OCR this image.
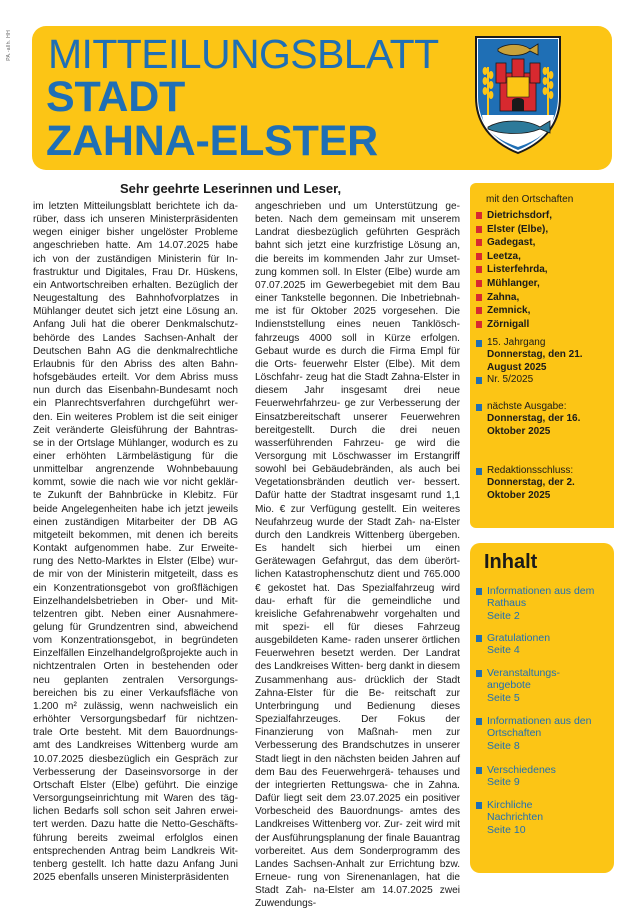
PA.-allh. HH MITTEILUNGSBLATT
STADT
ZAHNA-ELSTER
Sehr geehrte Leserinnen und Leser,
im letzten Mitteilungsblatt berichtete ich da- rüber, dass ich unseren Ministerpräsidenten wegen einiger bisher ungelöster Probleme angeschrieben hatte. Am 14.07.2025 habe ich von der zuständigen Ministerin für In- frastruktur und Digitales, Frau Dr. Hüskens, ein Antwortschreiben erhalten. Bezüglich der Neugestaltung des Bahnhofvorplatzes in Mühlanger deutet sich jetzt eine Lösung an. Anfang Juli hat die oberer Denkmalschutz- behörde des Landes Sachsen-Anhalt der Deutschen Bahn AG die denkmalrechtliche Erlaubnis für den Abriss des alten Bahn- hofsgebäudes erteilt. Vor dem Abriss muss nun durch das Eisenbahn-Bundesamt noch ein Planrechtsverfahren durchgeführt wer- den. Ein weiteres Problem ist die seit einiger Zeit veränderte Gleisführung der Bahntras- se in der Ortslage Mühlanger, wodurch es zu einer erhöhten Lärmbelästigung für die unmittelbar angrenzende Wohnbebauung kommt, sowie die nach wie vor nicht geklär- te Zukunft der Bahnbrücke in Klebitz. Für beide Angelegenheiten habe ich jetzt jeweils einen zuständigen Mitarbeiter der DB AG mitgeteilt bekommen, mit denen ich bereits Kontakt aufgenommen habe. Zur Erweite- rung des Netto-Marktes in Elster (Elbe) wur- de mir von der Ministerin mitgeteilt, dass es ein Konzentrationsgebot von großflächigen Einzelhandelsbetrieben in Ober- und Mit- telzentren gibt. Neben einer Ausnahmere- gelung für Grundzentren sind, abweichend vom Konzentrationsgebot, in begründeten Einzelfällen Einzelhandelgroßprojekte auch in nichtzentralen Orten in bestehenden oder neu geplanten zentralen Versorgungs- bereichen bis zu einer Verkaufsfläche von 1.200 m² zulässig, wenn nachweislich ein erhöhter Versorgungsbedarf für nichtzen- trale Orte besteht. Mit dem Bauordnungs- amt des Landkreises Wittenberg wurde am 10.07.2025 diesbezüglich ein Gespräch zur Verbesserung der Daseinsvorsorge in der Ortschaft Elster (Elbe) geführt. Die einzige Versorgungseinrichtung mit Waren des täg- lichen Bedarfs soll schon seit Jahren erwei- tert werden. Dazu hatte die Netto-Geschäfts- führung bereits zweimal erfolglos einen entsprechenden Antrag beim Landkreis Wit- tenberg gestellt. Ich hatte dazu Anfang Juni 2025 ebenfalls unseren Ministerpräsidenten
angeschrieben und um Unterstützung ge- beten. Nach dem gemeinsam mit unserem Landrat diesbezüglich geführten Gespräch bahnt sich jetzt eine kurzfristige Lösung an, die bereits im kommenden Jahr zur Umset- zung kommen soll. In Elster (Elbe) wurde am 07.07.2025 im Gewerbegebiet mit dem Bau einer Tankstelle begonnen. Die Inbetriebnah- me ist für Oktober 2025 vorgesehen. Die Indienststellung eines neuen Tanklösch- fahrzeugs 4000 soll in Kürze erfolgen. Gebaut wurde es durch die Firma Empl für die Orts- feuerwehr Elster (Elbe). Mit dem Löschfahr- zeug hat die Stadt Zahna-Elster in diesem Jahr insgesamt drei neue Feuerwehrfahrzeu- ge zur Verbesserung der Einsatzbereitschaft unserer Feuerwehren bereitgestellt. Durch die drei neuen wasserführenden Fahrzeu- ge wird die Versorgung mit Löschwasser im Erstangriff sowohl bei Gebäudebränden, als auch bei Vegetationsbränden deutlich ver- bessert. Dafür hatte der Stadtrat insgesamt rund 1,1 Mio. € zur Verfügung gestellt. Ein weiteres Neufahrzeug wurde der Stadt Zah- na-Elster durch den Landkreis Wittenberg übergeben. Es handelt sich hierbei um einen Gerätewagen Gefahrgut, das dem überört- lichen Katastrophenschutz dient und 765.000 € gekostet hat. Das Spezialfahrzeug wird dau- erhaft für die gemeindliche und kreisliche Gefahrenabwehr vorgehalten und mit spezi- ell für dieses Fahrzeug ausgebildeten Kame- raden unserer örtlichen Feuerwehren besetzt werden. Der Landrat des Landkreises Witten- berg dankt in diesem Zusammenhang aus- drücklich der Stadt Zahna-Elster für die Be- reitschaft zur Unterbringung und Bedienung dieses Spezialfahrzeuges. Der Fokus der Finanzierung von Maßnah- men zur Verbesserung des Brandschutzes in unserer Stadt liegt in den nächsten beiden Jahren auf dem Bau des Feuerwehrgerä- tehauses und der integrierten Rettungswa- che in Zahna. Dafür liegt seit dem 23.07.2025 ein positiver Vorbescheid des Bauordnungs- amtes des Landkreises Wittenberg vor. Zur- zeit wird mit der Ausführungsplanung der finale Bauantrag vorbereitet. Aus dem Sonderprogramm des Landes Sachsen-Anhalt zur Errichtung bzw. Erneue- rung von Sirenenanlagen, hat die Stadt Zah- na-Elster am 14.07.2025 zwei Zuwendungs-
mit den Ortschaften
Dietrichsdorf,
Elster (Elbe),
Gadegast,
Leetza,
Listerfehrda,
Mühlanger,
Zahna,
Zemnick,
Zörnigall
15. Jahrgang
Donnerstag, den 21. August 2025
Nr. 5/2025
nächste Ausgabe:
Donnerstag, der 16. Oktober 2025
Redaktionsschluss:
Donnerstag, der 2. Oktober 2025
Inhalt
Informationen aus dem Rathaus
Seite 2
Gratulationen
Seite 4
Veranstaltungs-angebote
Seite 5
Informationen aus den Ortschaften
Seite 8
Verschiedenes
Seite 9
Kirchliche Nachrichten
Seite 10
